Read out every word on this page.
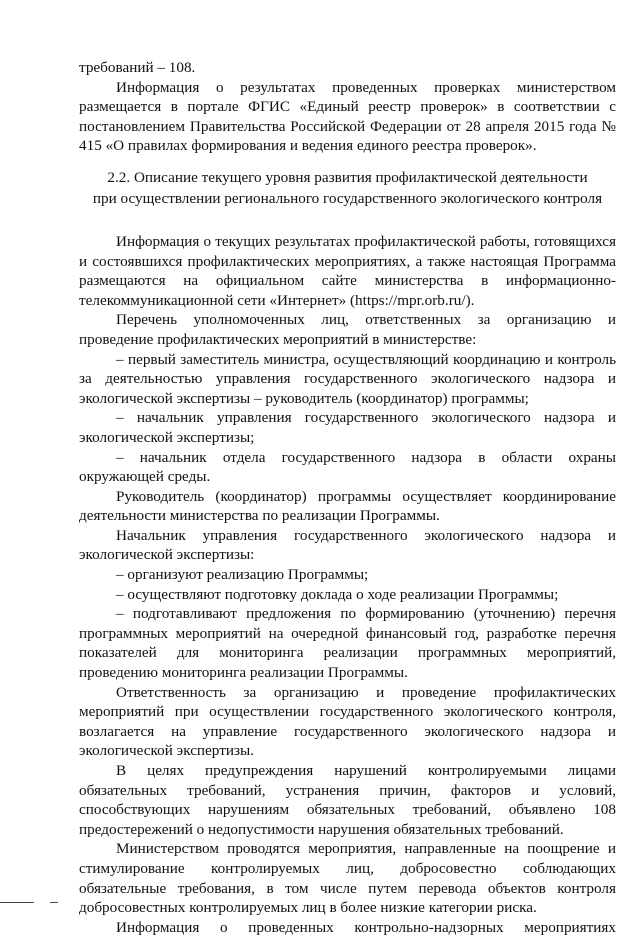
требований – 108.

Информация о результатах проведенных проверках министерством размещается в портале ФГИС «Единый реестр проверок» в соответствии с постановлением Правительства Российской Федерации от 28 апреля 2015 года № 415 «О правилах формирования и ведения единого реестра проверок».

2.2. Описание текущего уровня развития профилактической деятельности
при осуществлении регионального государственного экологического контроля

Информация о текущих результатах профилактической работы, готовящихся и состоявшихся профилактических мероприятиях, а также настоящая Программа размещаются на официальном сайте министерства в информационно-телекоммуникационной сети «Интернет» (https://mpr.orb.ru/).

Перечень уполномоченных лиц, ответственных за организацию и проведение профилактических мероприятий в министерстве:

– первый заместитель министра, осуществляющий координацию и контроль за деятельностью управления государственного экологического надзора и экологической экспертизы – руководитель (координатор) программы;

– начальник управления государственного экологического надзора и экологической экспертизы;

– начальник отдела государственного надзора в области охраны окружающей среды.

Руководитель (координатор) программы осуществляет координирование деятельности министерства по реализации Программы.

Начальник управления государственного экологического надзора и экологической экспертизы:

– организуют реализацию Программы;

– осуществляют подготовку доклада о ходе реализации Программы;

– подготавливают предложения по формированию (уточнению) перечня программных мероприятий на очередной финансовый год, разработке перечня показателей для мониторинга реализации программных мероприятий, проведению мониторинга реализации Программы.

Ответственность за организацию и проведение профилактических мероприятий при осуществлении государственного экологического контроля, возлагается на управление государственного экологического надзора и экологической экспертизы.

В целях предупреждения нарушений контролируемыми лицами обязательных требований, устранения причин, факторов и условий, способствующих нарушениям обязательных требований, объявлено 108 предостережений о недопустимости нарушения обязательных требований.

Министерством проводятся мероприятия, направленные на поощрение и стимулирование контролируемых лиц, добросовестно соблюдающих обязательные требования, в том числе путем перевода объектов контроля добросовестных контролируемых лиц в более низкие категории риска.

Информация о проведенных контрольно-надзорных мероприятиях
